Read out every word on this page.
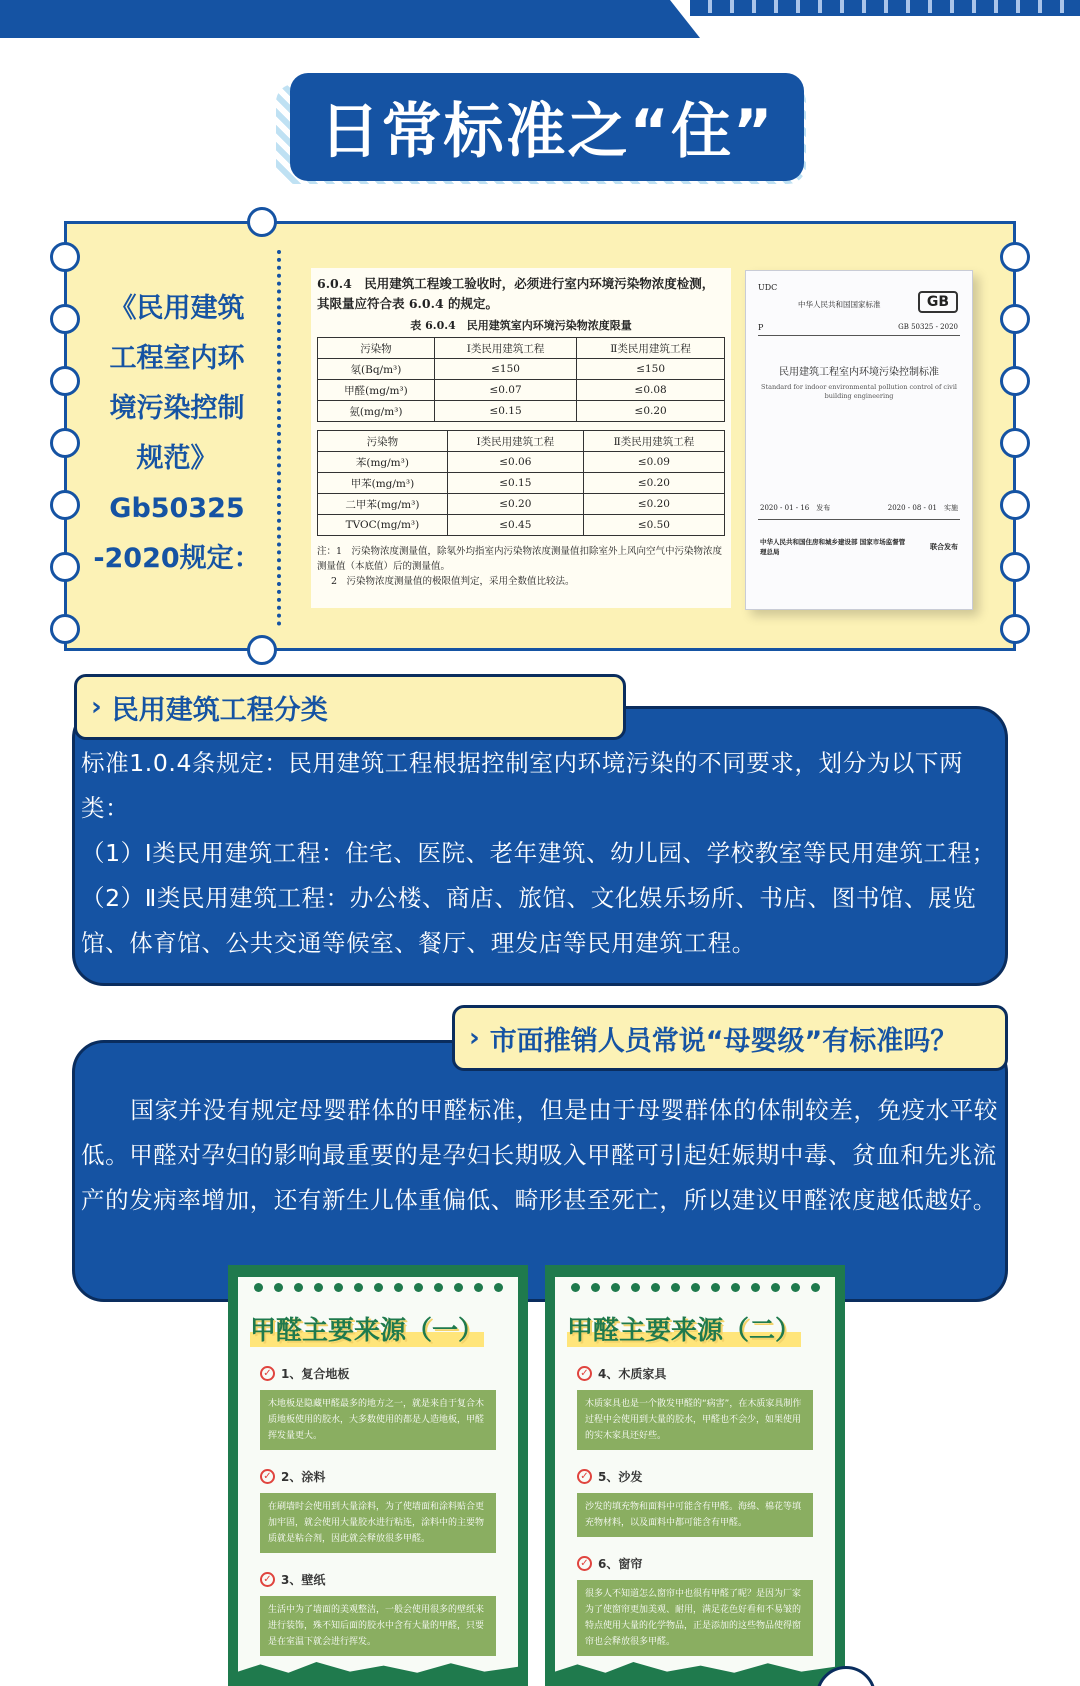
日常标准之“住”
《民用建筑
工程室内环
境污染控制
规范》
Gb50325
-2020规定：
6.0.4　民用建筑工程竣工验收时，必须进行室内环境污染物浓度检测，其限量应符合表 6.0.4 的规定。
表 6.0.4　民用建筑室内环境污染物浓度限量
污染物	Ⅰ类民用建筑工程	Ⅱ类民用建筑工程
氡(Bq/m³)	≤150	≤150
甲醛(mg/m³)	≤0.07	≤0.08
氨(mg/m³)	≤0.15	≤0.20
污染物	Ⅰ类民用建筑工程	Ⅱ类民用建筑工程
苯(mg/m³)	≤0.06	≤0.09
甲苯(mg/m³)	≤0.15	≤0.20
二甲苯(mg/m³)	≤0.20	≤0.20
TVOC(mg/m³)	≤0.45	≤0.50
注：1　污染物浓度测量值，除氡外均指室内污染物浓度测量值扣除室外上风向空气中污染物浓度测量值（本底值）后的测量值。
2　污染物浓度测量值的极限值判定，采用全数值比较法。
UDC
中华人民共和国国家标准	GB
P	GB 50325 - 2020
民用建筑工程室内环境污染控制标准
Standard for indoor environmental pollution control of civil building engineering
2020 - 01 - 16　发布	2020 - 08 - 01　实施
中华人民共和国住房和城乡建设部 国家市场监督管理总局
联合发布
标准1.0.4条规定：民用建筑工程根据控制室内环境污染的不同要求，划分为以下两类：
（1）Ⅰ类民用建筑工程：住宅、医院、老年建筑、幼儿园、学校教室等民用建筑工程；
（2）Ⅱ类民用建筑工程：办公楼、商店、旅馆、文化娱乐场所、书店、图书馆、展览馆、体育馆、公共交通等候室、餐厅、理发店等民用建筑工程。
› 民用建筑工程分类
国家并没有规定母婴群体的甲醛标准，但是由于母婴群体的体制较差，免疫水平较低。甲醛对孕妇的影响最重要的是孕妇长期吸入甲醛可引起妊娠期中毒、贫血和先兆流产的发病率增加，还有新生儿体重偏低、畸形甚至死亡，所以建议甲醛浓度越低越好。
› 市面推销人员常说“母婴级”有标准吗？
甲醛主要来源（一）
✓ 1、复合地板
木地板是隐藏甲醛最多的地方之一，就是来自于复合木质地板使用的胶水，大多数使用的都是人造地板，甲醛挥发量更大。
✓ 2、涂料
在刷墙时会使用到大量涂料，为了使墙面和涂料贴合更加牢固，就会使用大量胶水进行粘连，涂料中的主要物质就是粘合剂，因此就会释放很多甲醛。
✓ 3、壁纸
生活中为了墙面的美观整洁，一般会使用很多的壁纸来进行装饰，殊不知后面的胶水中含有大量的甲醛，只要是在室温下就会进行挥发。
甲醛主要来源（二）
✓ 4、木质家具
木质家具也是一个散发甲醛的“病害”，在木质家具制作过程中会使用到大量的胶水，甲醛也不会少，如果使用的实木家具还好些。
✓ 5、沙发
沙发的填充物和面料中可能含有甲醛。海绵、棉花等填充物材料，以及面料中都可能含有甲醛。
✓ 6、窗帘
很多人不知道怎么窗帘中也很有甲醛了呢？是因为厂家为了使窗帘更加美观、耐用，满足花色好看和不易皱的特点使用大量的化学物品，正是添加的这些物品使得窗帘也会释放很多甲醛。
